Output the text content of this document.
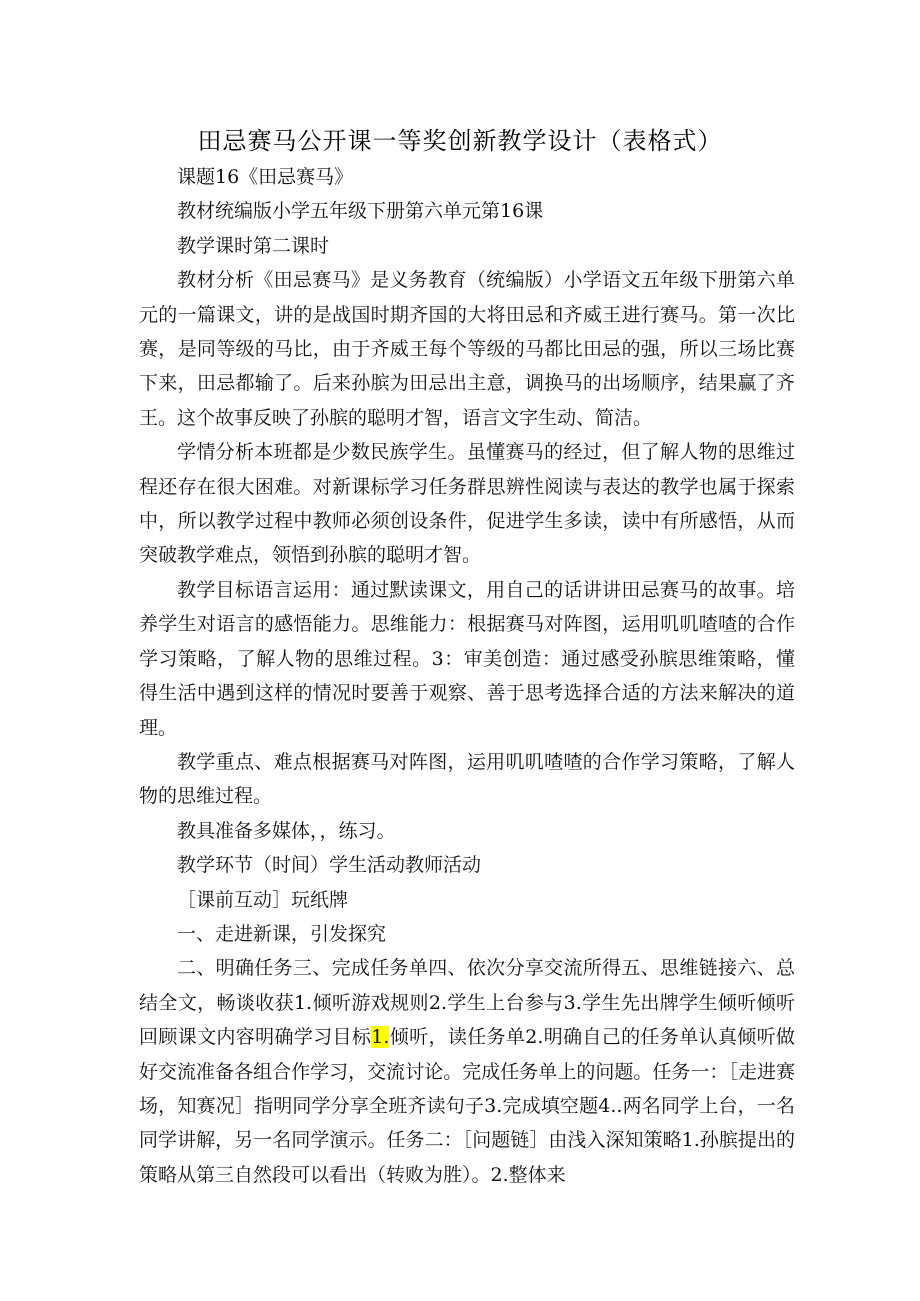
田忌赛马公开课一等奖创新教学设计（表格式）

课题16《田忌赛马》

教材统编版小学五年级下册第六单元第16课

教学课时第二课时

教材分析《田忌赛马》是义务教育（统编版）小学语文五年级下册第六单元的一篇课文，讲的是战国时期齐国的大将田忌和齐威王进行赛马。第一次比赛，是同等级的马比，由于齐威王每个等级的马都比田忌的强，所以三场比赛下来，田忌都输了。后来孙膑为田忌出主意，调换马的出场顺序，结果赢了齐王。这个故事反映了孙膑的聪明才智，语言文字生动、简洁。

学情分析本班都是少数民族学生。虽懂赛马的经过，但了解人物的思维过程还存在很大困难。对新课标学习任务群思辨性阅读与表达的教学也属于探索中，所以教学过程中教师必须创设条件，促进学生多读，读中有所感悟，从而突破教学难点，领悟到孙膑的聪明才智。

教学目标语言运用：通过默读课文，用自己的话讲讲田忌赛马的故事。培养学生对语言的感悟能力。思维能力：根据赛马对阵图，运用叽叽喳喳的合作学习策略，了解人物的思维过程。3：审美创造：通过感受孙膑思维策略，懂得生活中遇到这样的情况时要善于观察、善于思考选择合适的方法来解决的道理。

教学重点、难点根据赛马对阵图，运用叽叽喳喳的合作学习策略，了解人物的思维过程。

教具准备多媒体，，练习。

教学环节（时间）学生活动教师活动

［课前互动］玩纸牌

一、走进新课，引发探究

二、明确任务三、完成任务单四、依次分享交流所得五、思维链接六、总结全文，畅谈收获1.倾听游戏规则2.学生上台参与3.学生先出牌学生倾听倾听回顾课文内容明确学习目标1.倾听，读任务单2.明确自己的任务单认真倾听做好交流准备各组合作学习，交流讨论。完成任务单上的问题。任务一：［走进赛场，知赛况］指明同学分享全班齐读句子3.完成填空题4..两名同学上台，一名同学讲解，另一名同学演示。任务二：［问题链］由浅入深知策略1.孙膑提出的策略从第三自然段可以看出（转败为胜）。2.整体来
